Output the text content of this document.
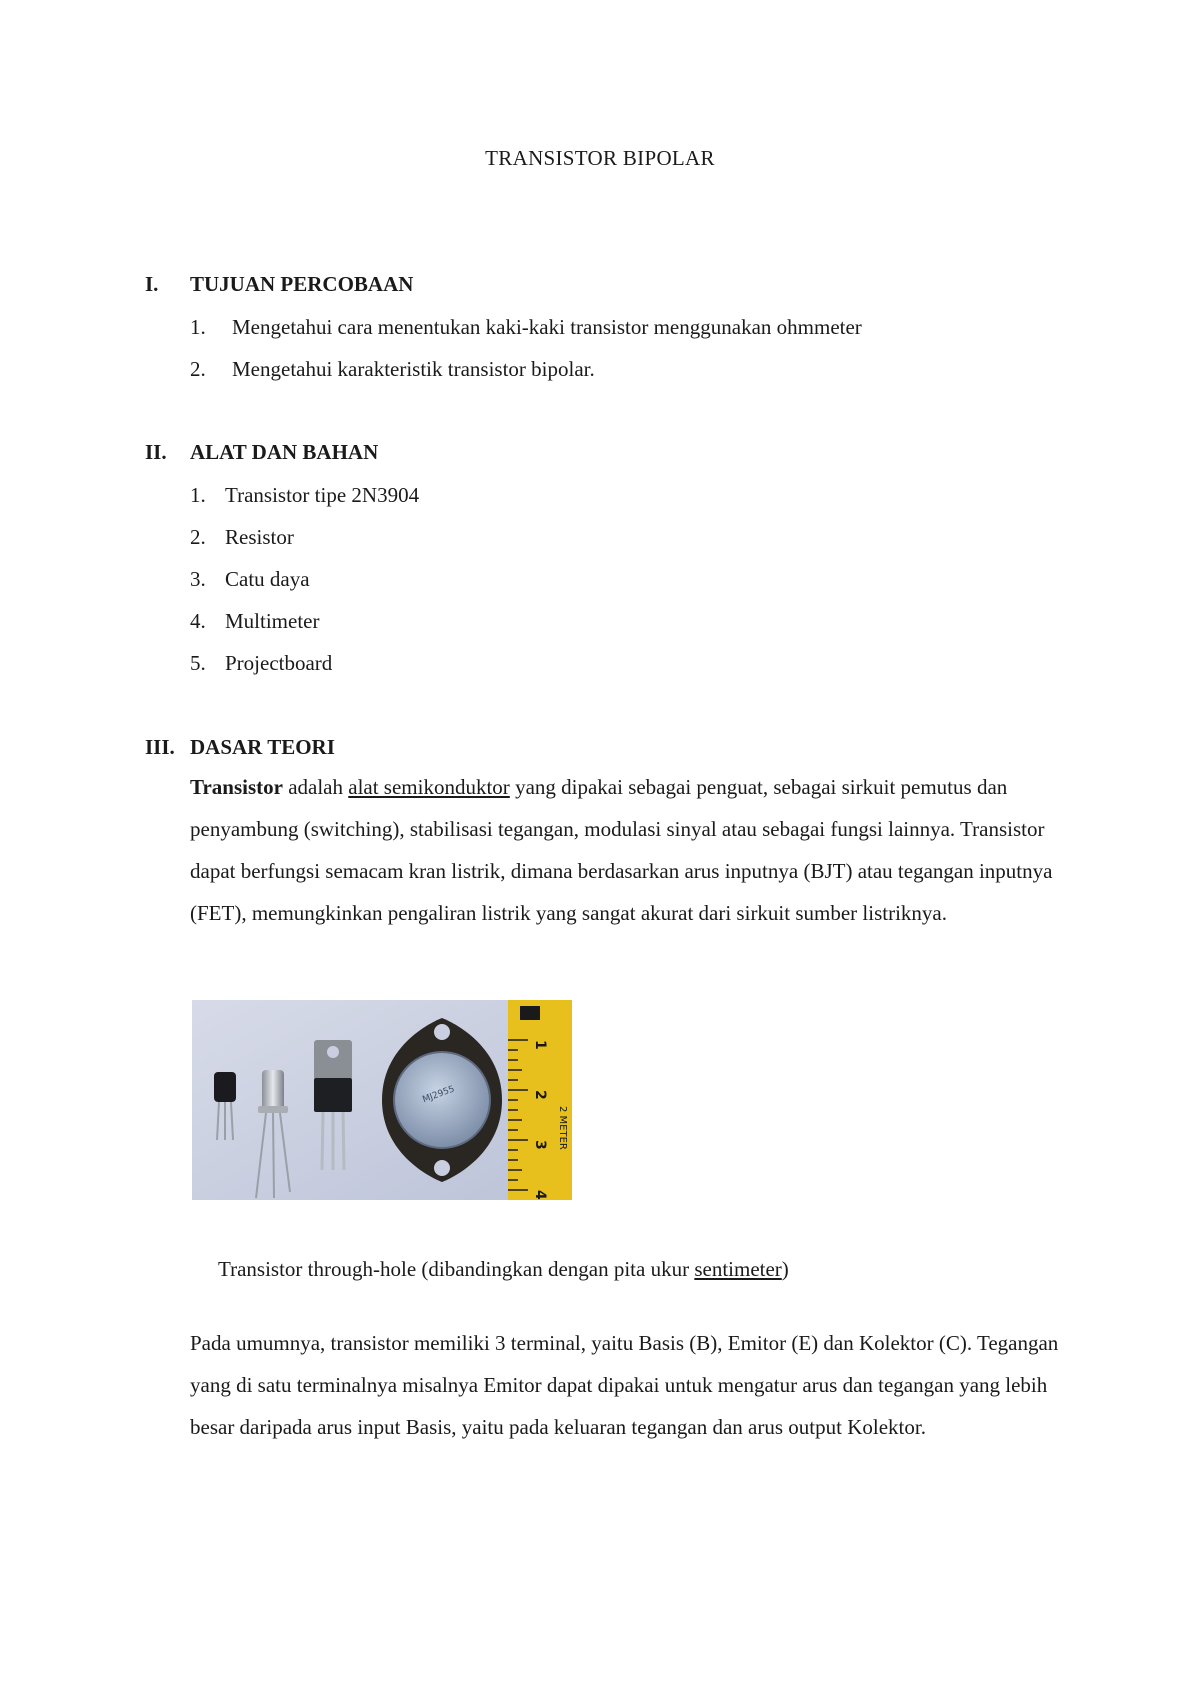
TRANSISTOR BIPOLAR
I. TUJUAN PERCOBAAN
1. Mengetahui cara menentukan kaki-kaki transistor menggunakan ohmmeter
2. Mengetahui karakteristik transistor bipolar.
II. ALAT DAN BAHAN
1. Transistor tipe 2N3904
2. Resistor
3. Catu daya
4. Multimeter
5. Projectboard
III. DASAR TEORI
Transistor adalah alat semikonduktor yang dipakai sebagai penguat, sebagai sirkuit pemutus dan penyambung (switching), stabilisasi tegangan, modulasi sinyal atau sebagai fungsi lainnya. Transistor dapat berfungsi semacam kran listrik, dimana berdasarkan arus inputnya (BJT) atau tegangan inputnya (FET), memungkinkan pengaliran listrik yang sangat akurat dari sirkuit sumber listriknya.
MJ2955
1
2
3
4
2 METER
Transistor through-hole (dibandingkan dengan pita ukur sentimeter)
Pada umumnya, transistor memiliki 3 terminal, yaitu Basis (B), Emitor (E) dan Kolektor (C). Tegangan yang di satu terminalnya misalnya Emitor dapat dipakai untuk mengatur arus dan tegangan yang lebih besar daripada arus input Basis, yaitu pada keluaran tegangan dan arus output Kolektor.
